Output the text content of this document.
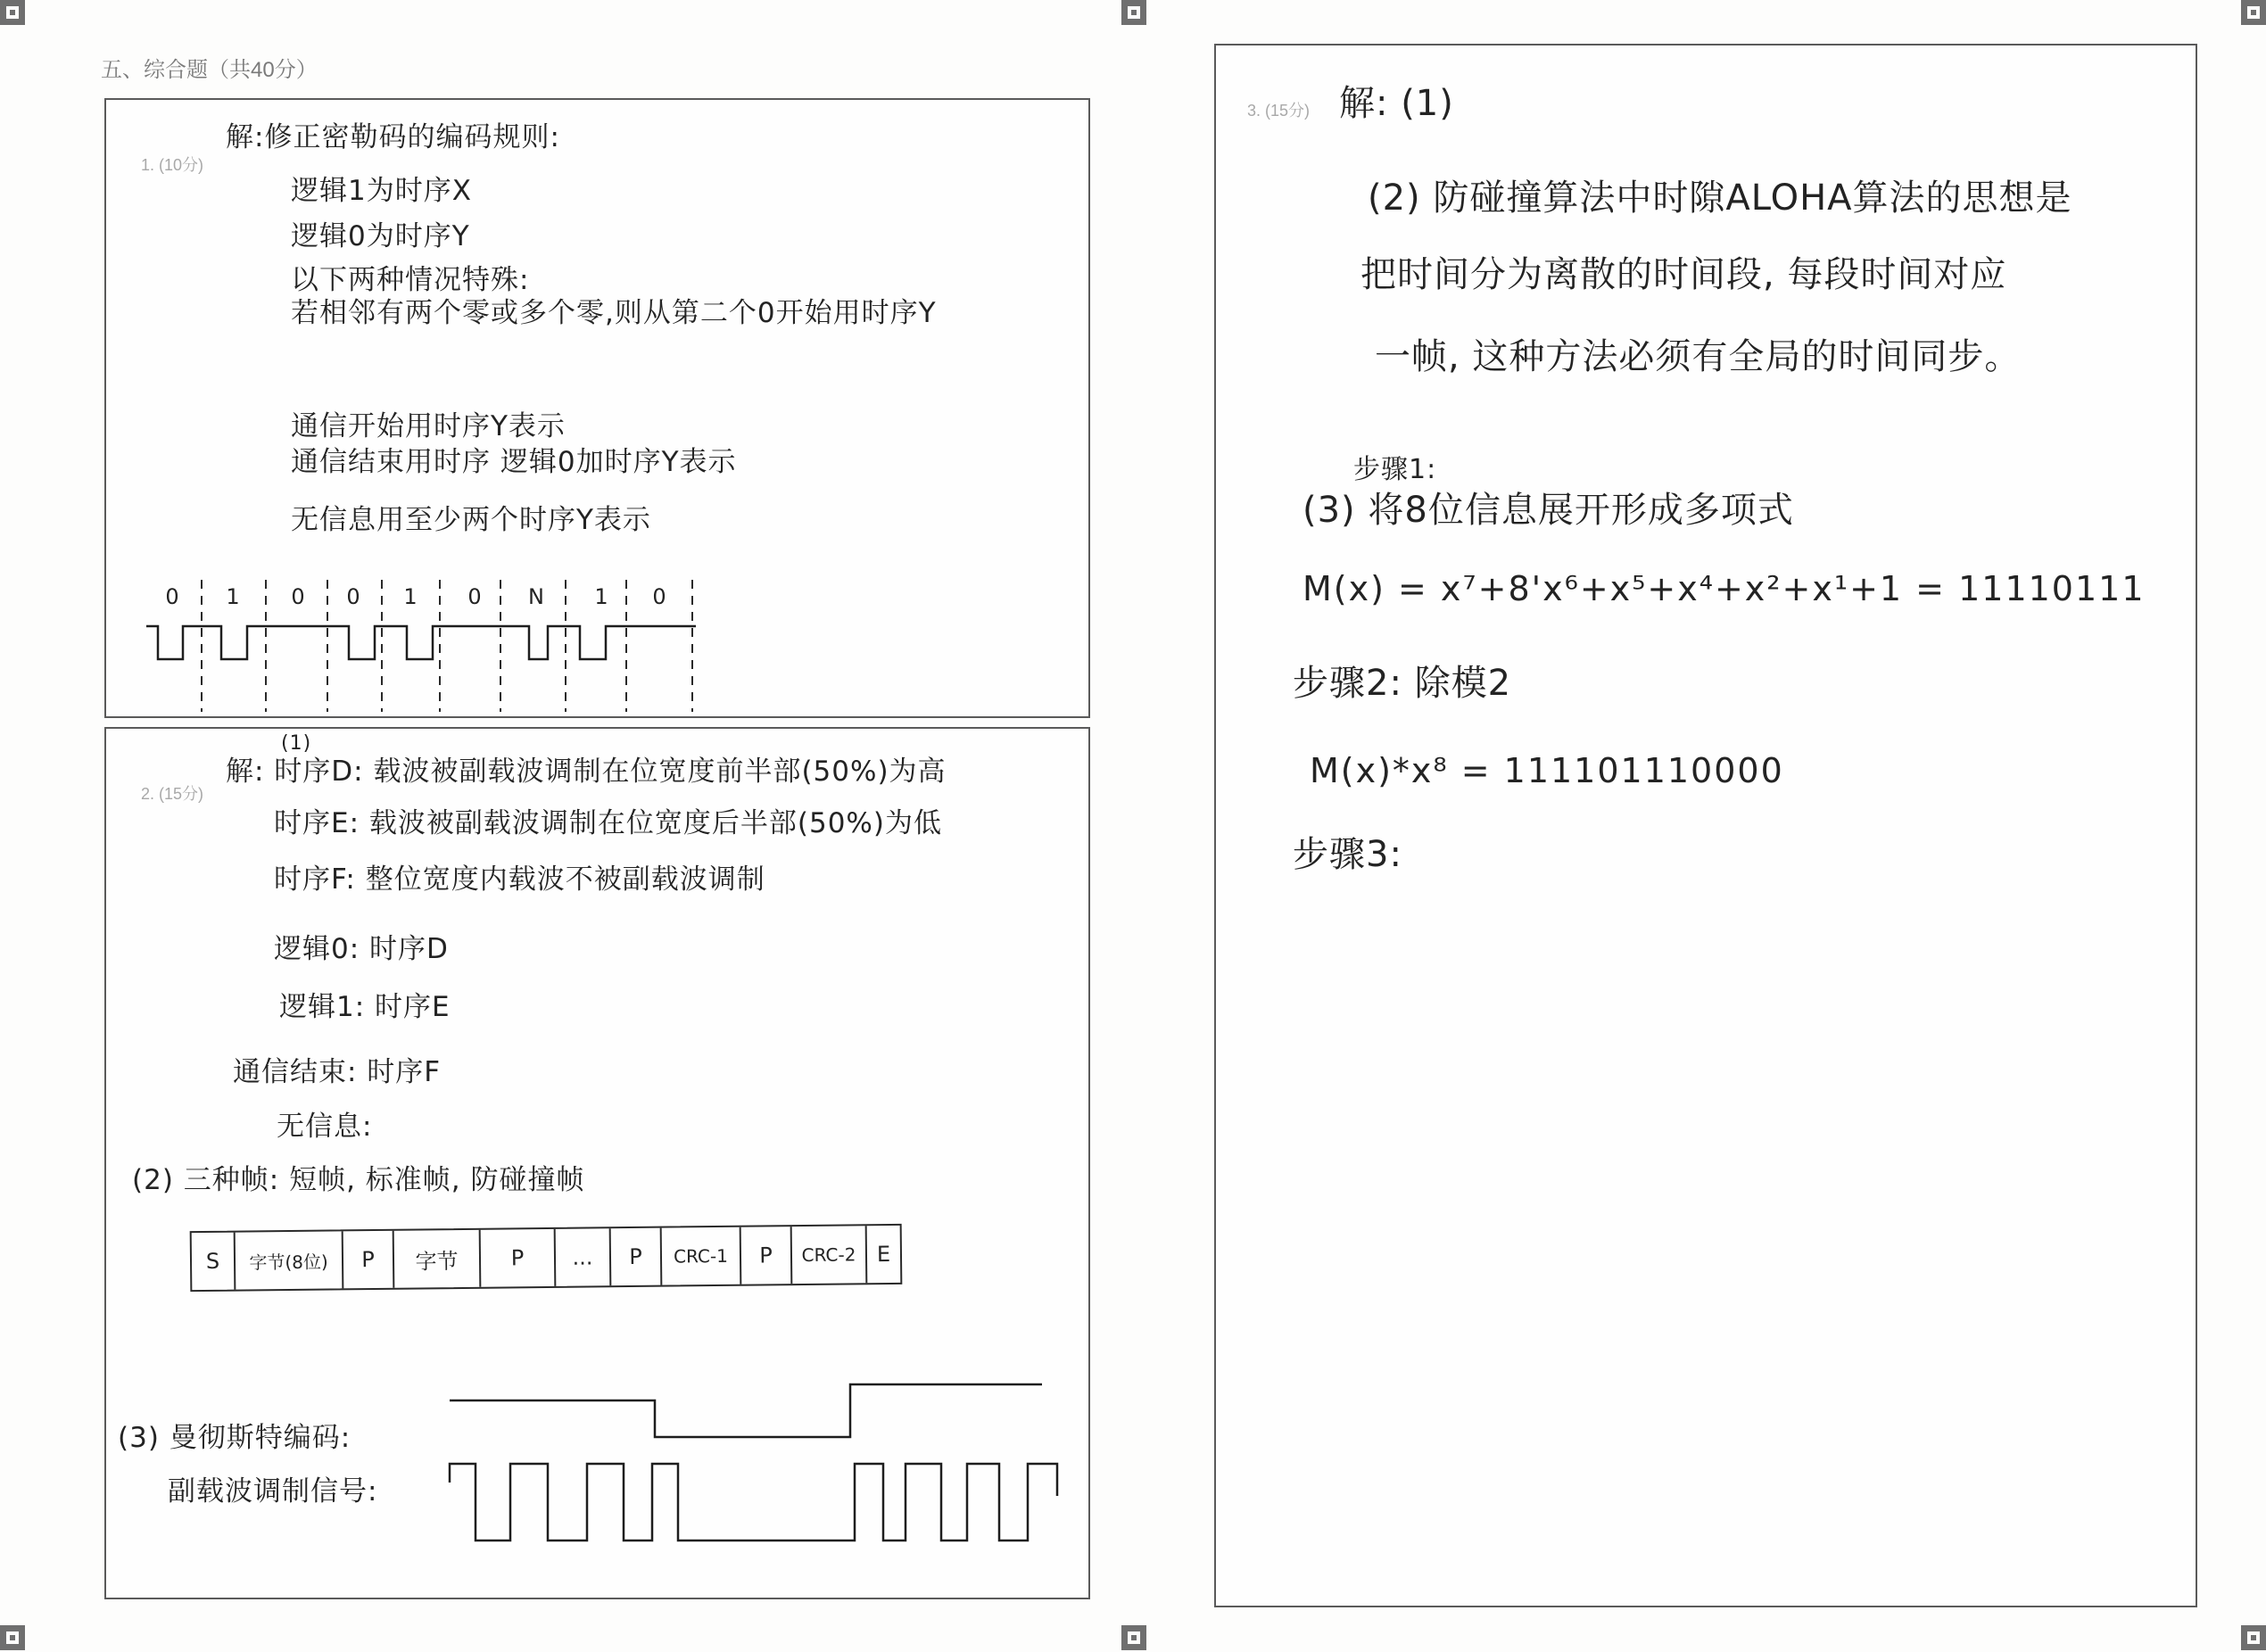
五、综合题（共40分）
1. (10分)
解:修正密勒码的编码规则:
逻辑1为时序X
逻辑0为时序Y
以下两种情况特殊:
若相邻有两个零或多个零,则从第二个0开始用时序Y
通信开始用时序Y表示
通信结束用时序 逻辑0加时序Y表示
无信息用至少两个时序Y表示
0 1 0 0 1 0 N 1 0
(1)
2. (15分)
解: 时序D: 载波被副载波调制在位宽度前半部(50%)为高
时序E: 载波被副载波调制在位宽度后半部(50%)为低
时序F: 整位宽度内载波不被副载波调制
逻辑0: 时序D
逻辑1: 时序E
通信结束: 时序F
无信息:
(2) 三种帧: 短帧, 标准帧, 防碰撞帧
S	字节(8位)	P	字节	P	...	P	CRC-1	P	CRC-2 E
(3) 曼彻斯特编码:
副载波调制信号:
3. (15分) 解: (1)
(2) 防碰撞算法中时隙ALOHA算法的思想是
把时间分为离散的时间段, 每段时间对应
一帧, 这种方法必须有全局的时间同步。
步骤1:
(3) 将8位信息展开形成多项式
M(x) = x⁷+8'x⁶+x⁵+x⁴+x²+x¹+1 = 11110111
步骤2: 除模2
M(x)*x⁸ = 111101110000
步骤3:
